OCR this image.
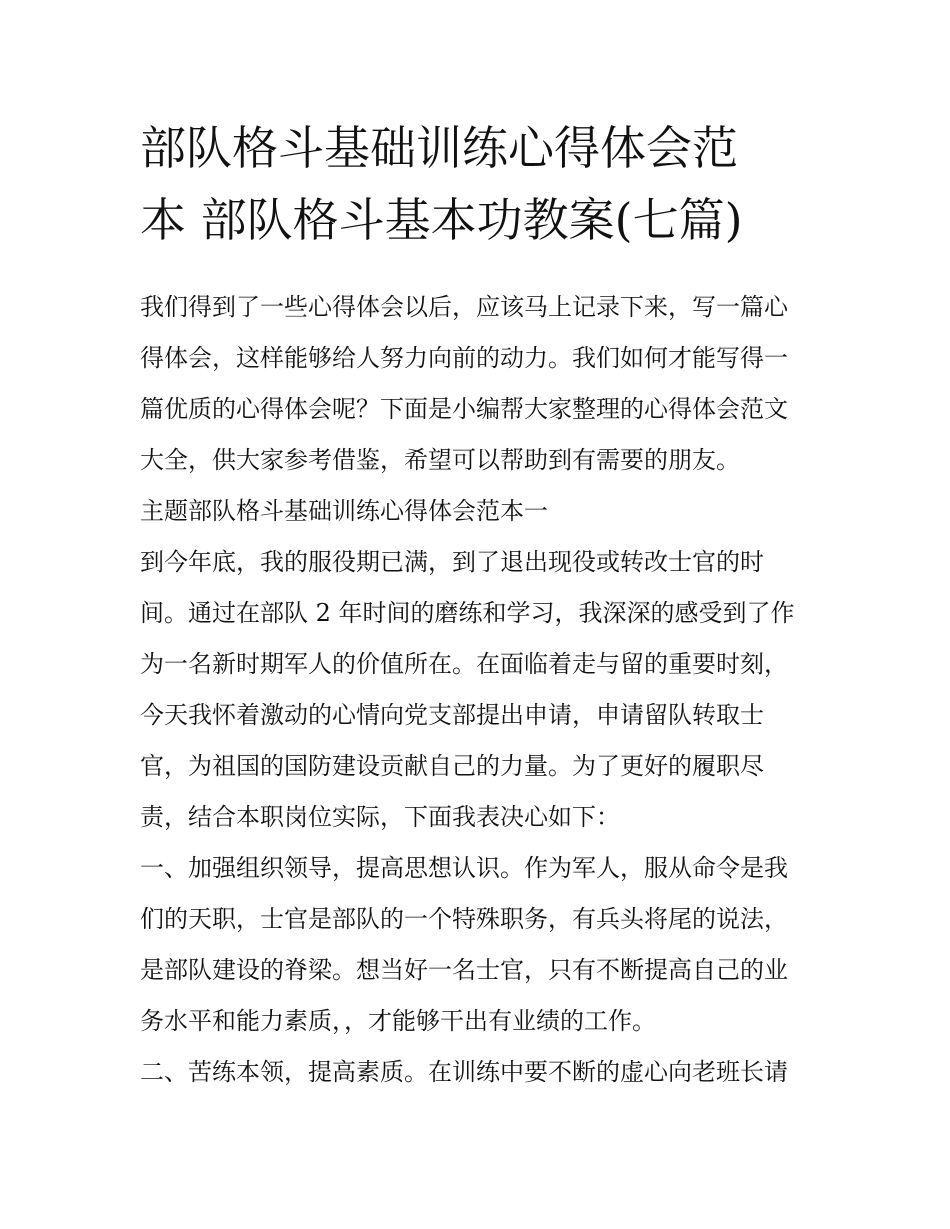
部队格斗基础训练心得体会范
本 部队格斗基本功教案(七篇)
我们得到了一些心得体会以后，应该马上记录下来，写一篇心
得体会，这样能够给人努力向前的动力。我们如何才能写得一
篇优质的心得体会呢？下面是小编帮大家整理的心得体会范文
大全，供大家参考借鉴，希望可以帮助到有需要的朋友。
主题部队格斗基础训练心得体会范本一
到今年底，我的服役期已满，到了退出现役或转改士官的时
间。通过在部队 2 年时间的磨练和学习，我深深的感受到了作
为一名新时期军人的价值所在。在面临着走与留的重要时刻，
今天我怀着激动的心情向党支部提出申请，申请留队转取士
官，为祖国的国防建设贡献自己的力量。为了更好的履职尽
责，结合本职岗位实际，下面我表决心如下：
一、加强组织领导，提高思想认识。作为军人，服从命令是我
们的天职，士官是部队的一个特殊职务，有兵头将尾的说法，
是部队建设的脊梁。想当好一名士官，只有不断提高自己的业
务水平和能力素质，，才能够干出有业绩的工作。
二、苦练本领，提高素质。在训练中要不断的虚心向老班长请
